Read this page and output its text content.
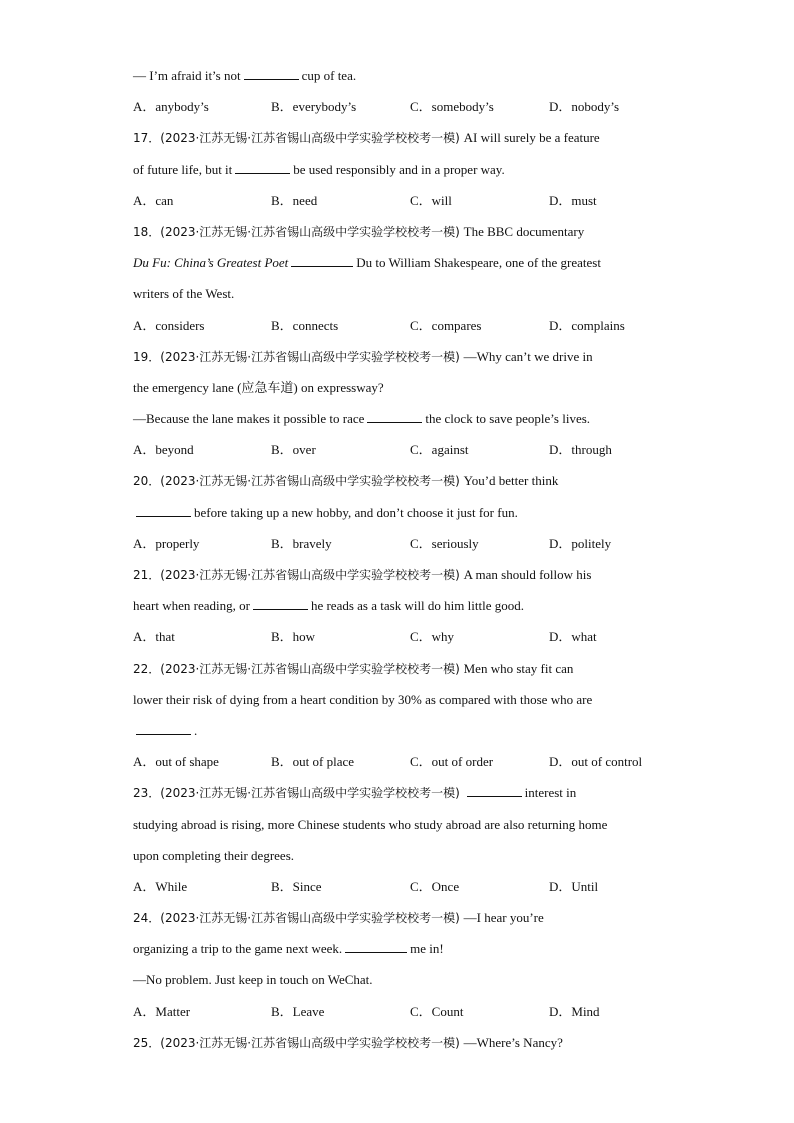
— I’m afraid it’s not	cup of tea.
A．anybody’s	B．everybody’s	C．somebody’s	D．nobody’s
17．(2023·江苏无锡·江苏省锡山高级中学实验学校校考一模) AI will surely be a feature
of future life, but it	be used responsibly and in a proper way.
A．can	B．need	C．will	D．must
18．(2023·江苏无锡·江苏省锡山高级中学实验学校校考一模) The BBC documentary
Du Fu: China’s Greatest Poet	Du to William Shakespeare, one of the greatest
writers of the West.
A．considers	B．connects	C．compares	D．complains
19．(2023·江苏无锡·江苏省锡山高级中学实验学校校考一模) —Why can’t we drive in
the emergency lane (应急车道) on expressway?
—Because the lane makes it possible to race	the clock to save people’s lives.
A．beyond	B．over	C．against	D．through
20．(2023·江苏无锡·江苏省锡山高级中学实验学校校考一模) You’d better think
before taking up a new hobby, and don’t choose it just for fun.
A．properly	B．bravely	C．seriously	D．politely
21．(2023·江苏无锡·江苏省锡山高级中学实验学校校考一模) A man should follow his
heart when reading, or	he reads as a task will do him little good.
A．that	B．how	C．why	D．what
22．(2023·江苏无锡·江苏省锡山高级中学实验学校校考一模) Men who stay fit can
lower their risk of dying from a heart condition by 30% as compared with those who are
.
A．out of shape	B．out of place	C．out of order	D．out of control
23．(2023·江苏无锡·江苏省锡山高级中学实验学校校考一模)	interest in
studying abroad is rising, more Chinese students who study abroad are also returning home
upon completing their degrees.
A．While	B．Since	C．Once	D．Until
24．(2023·江苏无锡·江苏省锡山高级中学实验学校校考一模) —I hear you’re
organizing a trip to the game next week.	me in!
—No problem. Just keep in touch on WeChat.
A．Matter	B．Leave	C．Count	D．Mind
25．(2023·江苏无锡·江苏省锡山高级中学实验学校校考一模) —Where’s Nancy?
